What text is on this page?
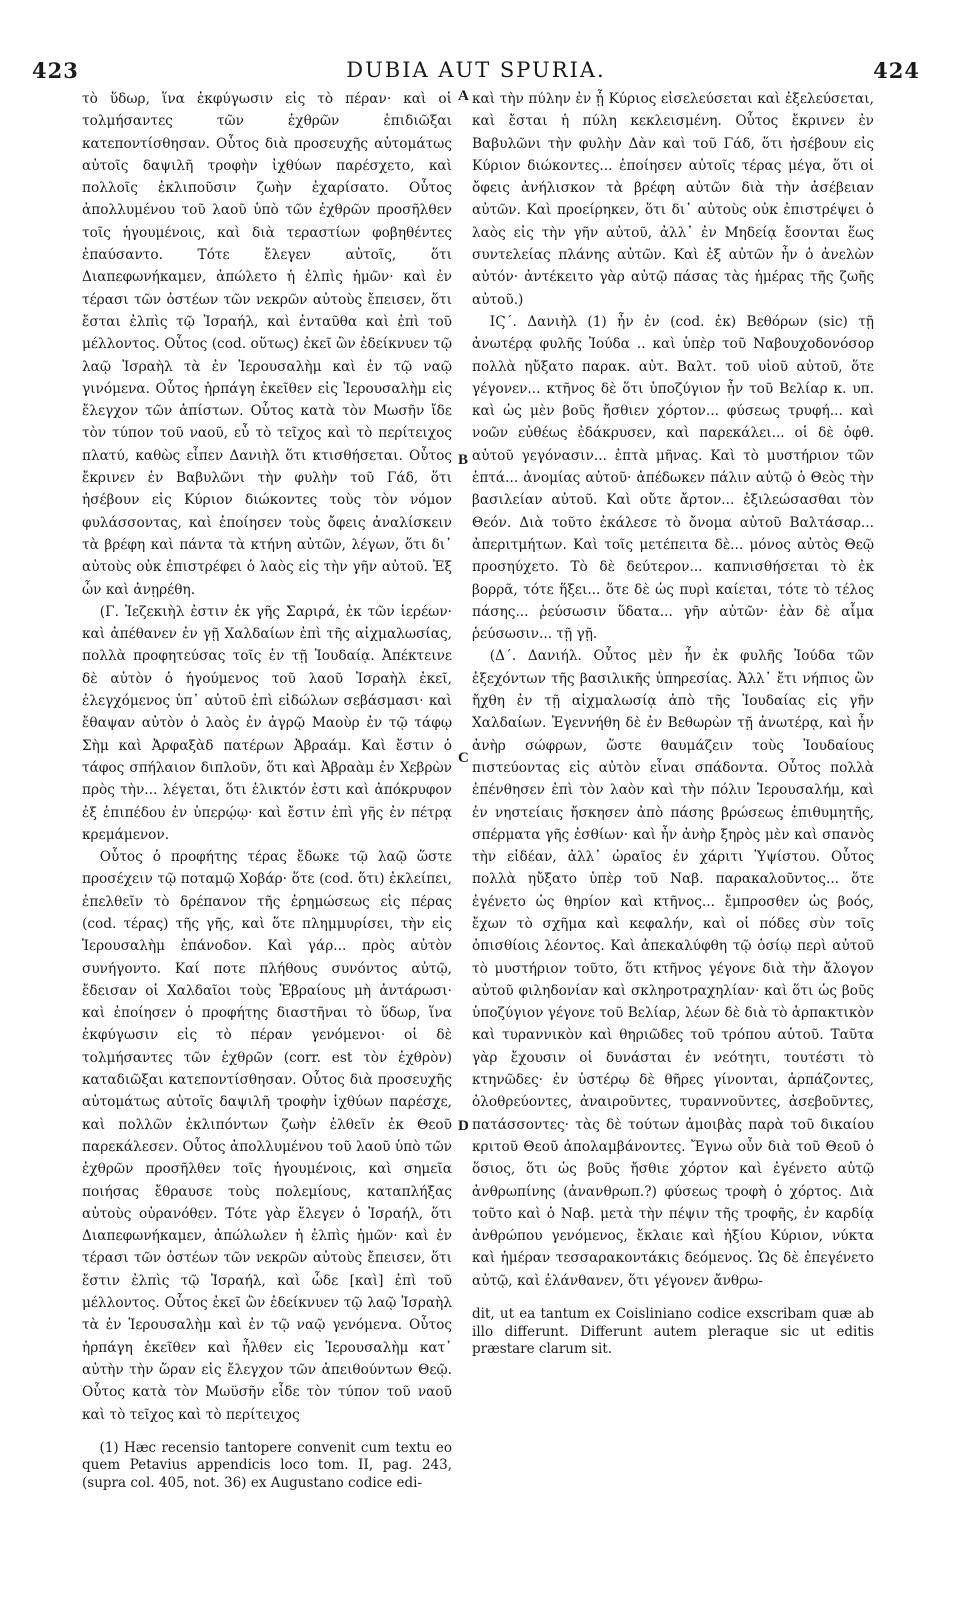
423	DUBIA AUT SPURIA.	424
A
B
C
D

τὸ ὕδωρ, ἵνα ἐκφύγωσιν εἰς τὸ πέραν· καὶ οἱ τολμήσαντες τῶν ἐχθρῶν ἐπιδιῶξαι κατεποντίσθησαν. Οὗτος διὰ προσευχῆς αὐτομάτως αὐτοῖς δαψιλῆ τροφὴν ἰχθύων παρέσχετο, καὶ πολλοῖς ἐκλιποῦσιν ζωὴν ἐχαρίσατο. Οὗτος ἀπολλυμένου τοῦ λαοῦ ὑπὸ τῶν ἐχθρῶν προσῆλθεν τοῖς ἡγουμένοις, καὶ διὰ τεραστίων φοβηθέντες ἐπαύσαντο. Τότε ἔλεγεν αὐτοῖς, ὅτι Διαπεφωνήκαμεν, ἀπώλετο ἡ ἐλπὶς ἡμῶν· καὶ ἐν τέρασι τῶν ὀστέων τῶν νεκρῶν αὐτοὺς ἔπεισεν, ὅτι ἔσται ἐλπὶς τῷ Ἰσραήλ, καὶ ἐνταῦθα καὶ ἐπὶ τοῦ μέλλοντος. Οὗτος (cod. οὕτως) ἐκεῖ ὢν ἐδείκνυεν τῷ λαῷ Ἰσραὴλ τὰ ἐν Ἱερουσαλὴμ καὶ ἐν τῷ ναῷ γινόμενα. Οὗτος ἡρπάγη ἐκεῖθεν εἰς Ἱερουσαλὴμ εἰς ἔλεγχον τῶν ἀπίστων. Οὗτος κατὰ τὸν Μωσῆν ἴδε τὸν τύπον τοῦ ναοῦ, εὖ τὸ τεῖχος καὶ τὸ περίτειχος πλατύ, καθὼς εἶπεν Δανιὴλ ὅτι κτισθήσεται. Οὗτος ἔκρινεν ἐν Βαβυλῶνι τὴν φυλὴν τοῦ Γάδ, ὅτι ἠσέβουν εἰς Κύριον διώκοντες τοὺς τὸν νόμον φυλάσσοντας, καὶ ἐποίησεν τοὺς ὄφεις ἀναλίσκειν τὰ βρέφη καὶ πάντα τὰ κτήνη αὐτῶν, λέγων, ὅτι δι᾽ αὐτοὺς οὐκ ἐπιστρέφει ὁ λαὸς εἰς τὴν γῆν αὐτοῦ. Ἐξ ὧν καὶ ἀνῃρέθη.

(Γ. Ἰεζεκιὴλ ἐστιν ἐκ γῆς Σαριρά, ἐκ τῶν ἱερέων· καὶ ἀπέθανεν ἐν γῇ Χαλδαίων ἐπὶ τῆς αἰχμαλωσίας, πολλὰ προφητεύσας τοῖς ἐν τῇ Ἰουδαίᾳ. Ἀπέκτεινε δὲ αὐτὸν ὁ ἡγούμενος τοῦ λαοῦ Ἰσραὴλ ἐκεῖ, ἐλεγχόμενος ὑπ᾽ αὐτοῦ ἐπὶ εἰδώλων σεβάσμασι· καὶ ἔθαψαν αὐτὸν ὁ λαὸς ἐν ἀγρῷ Μαοὺρ ἐν τῷ τάφῳ Σὴμ καὶ Ἀρφαξὰδ πατέρων Ἀβραάμ. Καὶ ἔστιν ὁ τάφος σπήλαιον διπλοῦν, ὅτι καὶ Ἀβραὰμ ἐν Χεβρὼν πρὸς τὴν... λέγεται, ὅτι ἑλικτόν ἐστι καὶ ἀπόκρυφον ἐξ ἐπιπέδου ἐν ὑπερῴῳ· καὶ ἔστιν ἐπὶ γῆς ἐν πέτρᾳ κρεμάμενον.

Οὗτος ὁ προφήτης τέρας ἔδωκε τῷ λαῷ ὥστε προσέχειν τῷ ποταμῷ Χοβάρ· ὅτε (cod. ὅτι) ἐκλείπει, ἐπελθεῖν τὸ δρέπανον τῆς ἐρημώσεως εἰς πέρας (cod. τέρας) τῆς γῆς, καὶ ὅτε πλημμυρίσει, τὴν εἰς Ἱερουσαλὴμ ἐπάνοδον. Καὶ γάρ... πρὸς αὐτὸν συνήγοντο. Καί ποτε πλήθους συνόντος αὐτῷ, ἔδεισαν οἱ Χαλδαῖοι τοὺς Ἑβραίους μὴ ἀντάρωσι· καὶ ἐποίησεν ὁ προφήτης διαστῆναι τὸ ὕδωρ, ἵνα ἐκφύγωσιν εἰς τὸ πέραν γενόμενοι· οἱ δὲ τολμήσαντες τῶν ἐχθρῶν (corr. est τὸν ἐχθρὸν) καταδιῶξαι κατεποντίσθησαν. Οὗτος διὰ προσευχῆς αὐτομάτως αὐτοῖς δαψιλῆ τροφὴν ἰχθύων παρέσχε, καὶ πολλῶν ἐκλιπόντων ζωὴν ἐλθεῖν ἐκ Θεοῦ παρεκάλεσεν. Οὗτος ἀπολλυμένου τοῦ λαοῦ ὑπὸ τῶν ἐχθρῶν προσῆλθεν τοῖς ἡγουμένοις, καὶ σημεῖα ποιήσας ἔθραυσε τοὺς πολεμίους, καταπλήξας αὐτοὺς οὐρανόθεν. Τότε γὰρ ἔλεγεν ὁ Ἰσραήλ, ὅτι Διαπεφωνήκαμεν, ἀπώλωλεν ἡ ἐλπὶς ἡμῶν· καὶ ἐν τέρασι τῶν ὀστέων τῶν νεκρῶν αὐτοὺς ἔπεισεν, ὅτι ἔστιν ἐλπὶς τῷ Ἰσραήλ, καὶ ὧδε [καὶ] ἐπὶ τοῦ μέλλοντος. Οὗτος ἐκεῖ ὢν ἐδείκνυεν τῷ λαῷ Ἰσραὴλ τὰ ἐν Ἱερουσαλὴμ καὶ ἐν τῷ ναῷ γενόμενα. Οὗτος ἡρπάγη ἐκεῖθεν καὶ ἦλθεν εἰς Ἱερουσαλὴμ κατ᾽ αὐτὴν τὴν ὥραν εἰς ἔλεγχον τῶν ἀπειθούντων Θεῷ. Οὗτος κατὰ τὸν Μωϋσῆν εἶδε τὸν τύπον τοῦ ναοῦ καὶ τὸ τεῖχος καὶ τὸ περίτειχος

(1) Hæc recensio tantopere convenit cum textu eo quem Petavius appendicis loco tom. II, pag. 243, (supra col. 405, not. 36) ex Augustano codice edi-

καὶ τὴν πύλην ἐν ᾗ Κύριος εἰσελεύσεται καὶ ἐξελεύσεται, καὶ ἔσται ἡ πύλη κεκλεισμένη. Οὗτος ἔκρινεν ἐν Βαβυλῶνι τὴν φυλὴν Δὰν καὶ τοῦ Γάδ, ὅτι ἠσέβουν εἰς Κύριον διώκοντες... ἐποίησεν αὐτοῖς τέρας μέγα, ὅτι οἱ ὄφεις ἀνήλισκον τὰ βρέφη αὐτῶν διὰ τὴν ἀσέβειαν αὐτῶν. Καὶ προείρηκεν, ὅτι δι᾽ αὐτοὺς οὐκ ἐπιστρέψει ὁ λαὸς εἰς τὴν γῆν αὐτοῦ, ἀλλ᾽ ἐν Μηδείᾳ ἔσονται ἕως συντελείας πλάνης αὐτῶν. Καὶ ἐξ αὐτῶν ἦν ὁ ἀνελὼν αὐτόν· ἀντέκειτο γὰρ αὐτῷ πάσας τὰς ἡμέρας τῆς ζωῆς αὐτοῦ.)

ΙϚ΄. Δανιὴλ (1) ἦν ἐν (cod. ἐκ) Βεθόρων (sic) τῇ ἀνωτέρᾳ φυλῆς Ἰούδα .. καὶ ὑπὲρ τοῦ Ναβουχοδονόσορ πολλὰ ηὔξατο παρακ. αὐτ. Βαλτ. τοῦ υἱοῦ αὐτοῦ, ὅτε γέγονεν... κτῆνος δὲ ὅτι ὑποζύγιον ἦν τοῦ Βελίαρ κ. υπ. καὶ ὡς μὲν βοῦς ἤσθιεν χόρτον... φύσεως τρυφή... καὶ νοῶν εὐθέως ἐδάκρυσεν, καὶ παρεκάλει... οἱ δὲ ὀφθ. αὐτοῦ γεγόνασιν... ἑπτὰ μῆνας. Καὶ τὸ μυστήριον τῶν ἑπτά... ἀνομίας αὐτοῦ· ἀπέδωκεν πάλιν αὐτῷ ὁ Θεὸς τὴν βασιλείαν αὐτοῦ. Καὶ οὔτε ἄρτον... ἐξιλεώσασθαι τὸν Θεόν. Διὰ τοῦτο ἐκάλεσε τὸ ὄνομα αὐτοῦ Βαλτάσαρ... ἀπεριτμήτων. Καὶ τοῖς μετέπειτα δὲ... μόνος αὐτὸς Θεῷ προσηύχετο. Τὸ δὲ δεύτερον... καπνισθήσεται τὸ ἐκ βορρᾶ, τότε ἥξει... ὅτε δὲ ὡς πυρὶ καίεται, τότε τὸ τέλος πάσης... ῥεύσωσιν ὕδατα... γῆν αὐτῶν· ἐὰν δὲ αἷμα ῥεύσωσιν... τῇ γῇ.

(Δ΄. Δανιήλ. Οὗτος μὲν ἦν ἐκ φυλῆς Ἰούδα τῶν ἐξεχόντων τῆς βασιλικῆς ὑπηρεσίας. Ἀλλ᾽ ἔτι νήπιος ὢν ἤχθη ἐν τῇ αἰχμαλωσίᾳ ἀπὸ τῆς Ἰουδαίας εἰς γῆν Χαλδαίων. Ἐγεννήθη δὲ ἐν Βεθωρὼν τῇ ἀνωτέρᾳ, καὶ ἦν ἀνὴρ σώφρων, ὥστε θαυμάζειν τοὺς Ἰουδαίους πιστεύοντας εἰς αὐτὸν εἶναι σπάδοντα. Οὗτος πολλὰ ἐπένθησεν ἐπὶ τὸν λαὸν καὶ τὴν πόλιν Ἱερουσαλήμ, καὶ ἐν νηστείαις ἤσκησεν ἀπὸ πάσης βρώσεως ἐπιθυμητῆς, σπέρματα γῆς ἐσθίων· καὶ ἦν ἀνὴρ ξηρὸς μὲν καὶ σπανὸς τὴν εἰδέαν, ἀλλ᾽ ὡραῖος ἐν χάριτι Ὑψίστου. Οὗτος πολλὰ ηὔξατο ὑπὲρ τοῦ Ναβ. παρακαλοῦντος... ὅτε ἐγένετο ὡς θηρίον καὶ κτῆνος... ἔμπροσθεν ὡς βοός, ἔχων τὸ σχῆμα καὶ κεφαλήν, καὶ οἱ πόδες σὺν τοῖς ὀπισθίοις λέοντος. Καὶ ἀπεκαλύφθη τῷ ὁσίῳ περὶ αὐτοῦ τὸ μυστήριον τοῦτο, ὅτι κτῆνος γέγονε διὰ τὴν ἄλογον αὐτοῦ φιληδονίαν καὶ σκληροτραχηλίαν· καὶ ὅτι ὡς βοῦς ὑποζύγιον γέγονε τοῦ Βελίαρ, λέων δὲ διὰ τὸ ἁρπακτικὸν καὶ τυραννικὸν καὶ θηριῶδες τοῦ τρόπου αὐτοῦ. Ταῦτα γὰρ ἔχουσιν οἱ δυνάσται ἐν νεότητι, τουτέστι τὸ κτηνῶδες· ἐν ὑστέρῳ δὲ θῆρες γίνονται, ἁρπάζοντες, ὀλοθρεύοντες, ἀναιροῦντες, τυραννοῦντες, ἀσεβοῦντες, πατάσσοντες· τὰς δὲ τούτων ἀμοιβὰς παρὰ τοῦ δικαίου κριτοῦ Θεοῦ ἀπολαμβάνοντες. Ἔγνω οὖν διὰ τοῦ Θεοῦ ὁ ὅσιος, ὅτι ὡς βοῦς ἤσθιε χόρτον καὶ ἐγένετο αὐτῷ ἀνθρωπίνης (ἀνανθρωπ.?) φύσεως τροφὴ ὁ χόρτος. Διὰ τοῦτο καὶ ὁ Ναβ. μετὰ τὴν πέψιν τῆς τροφῆς, ἐν καρδίᾳ ἀνθρώπου γενόμενος, ἔκλαιε καὶ ἠξίου Κύριον, νύκτα καὶ ἡμέραν τεσσαρακοντάκις δεόμενος. Ὡς δὲ ἐπεγένετο αὐτῷ, καὶ ἐλάνθανεν, ὅτι γέγονεν ἄνθρω-

dit, ut ea tantum ex Coisliniano codice exscribam quæ ab illo differunt. Differunt autem pleraque sic ut editis præstare clarum sit.
